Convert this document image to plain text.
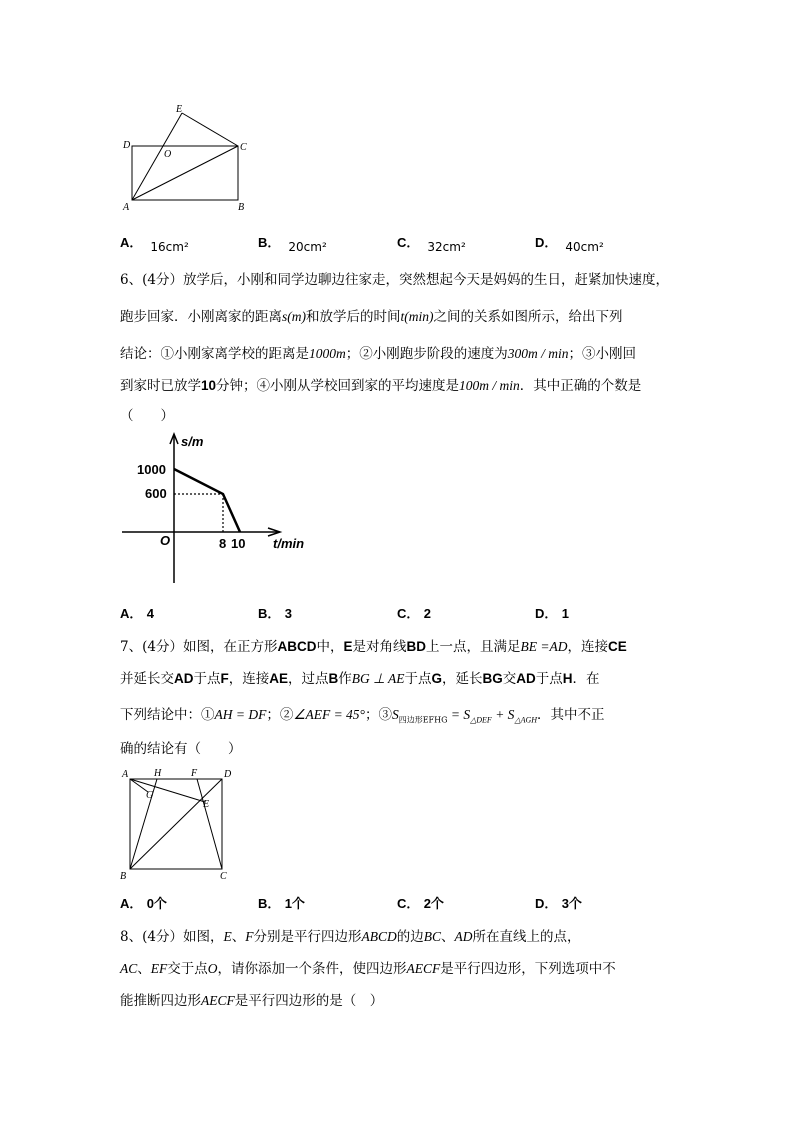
E
D
O
C
A	B
A． 16cm²	B． 20cm²	C． 32cm²	D． 40cm²
6、(4分）放学后，小刚和同学边聊边往家走，突然想起今天是妈妈的生日，赶紧加快速度，
跑步回家．小刚离家的距离s(m)和放学后的时间t(min)之间的关系如图所示，给出下列
结论：①小刚家离学校的距离是1000m；②小刚跑步阶段的速度为300m / min；③小刚回
到家时已放学10分钟；④小刚从学校回到家的平均速度是100m / min．其中正确的个数是
（　　）
s/m
1000
600
O	8 10 t/min
A． 4	B． 3	C． 2	D． 1
7、(4分）如图，在正方形ABCD中，E是对角线BD上一点，且满足BE =AD，连接CE
并延长交AD于点F，连接AE，过点B作BG ⊥ AE于点G，延长BG交AD于点H．在
下列结论中：①AH = DF；②∠AEF = 45°；$③S_{四边形EFHG} = S_{\triangle DEF} + S_{\triangle AGH}$．其中不正
确的结论有（　　）
A	H	F	D
G
E
B	C
A． 0个	B． 1个	C． 2个	D． 3个
8、(4分）如图，E、F分别是平行四边形ABCD的边BC、AD所在直线上的点，
AC、EF交于点O，请你添加一个条件，使四边形AECF是平行四边形，下列选项中不
能推断四边形AECF是平行四边形的是（　）
